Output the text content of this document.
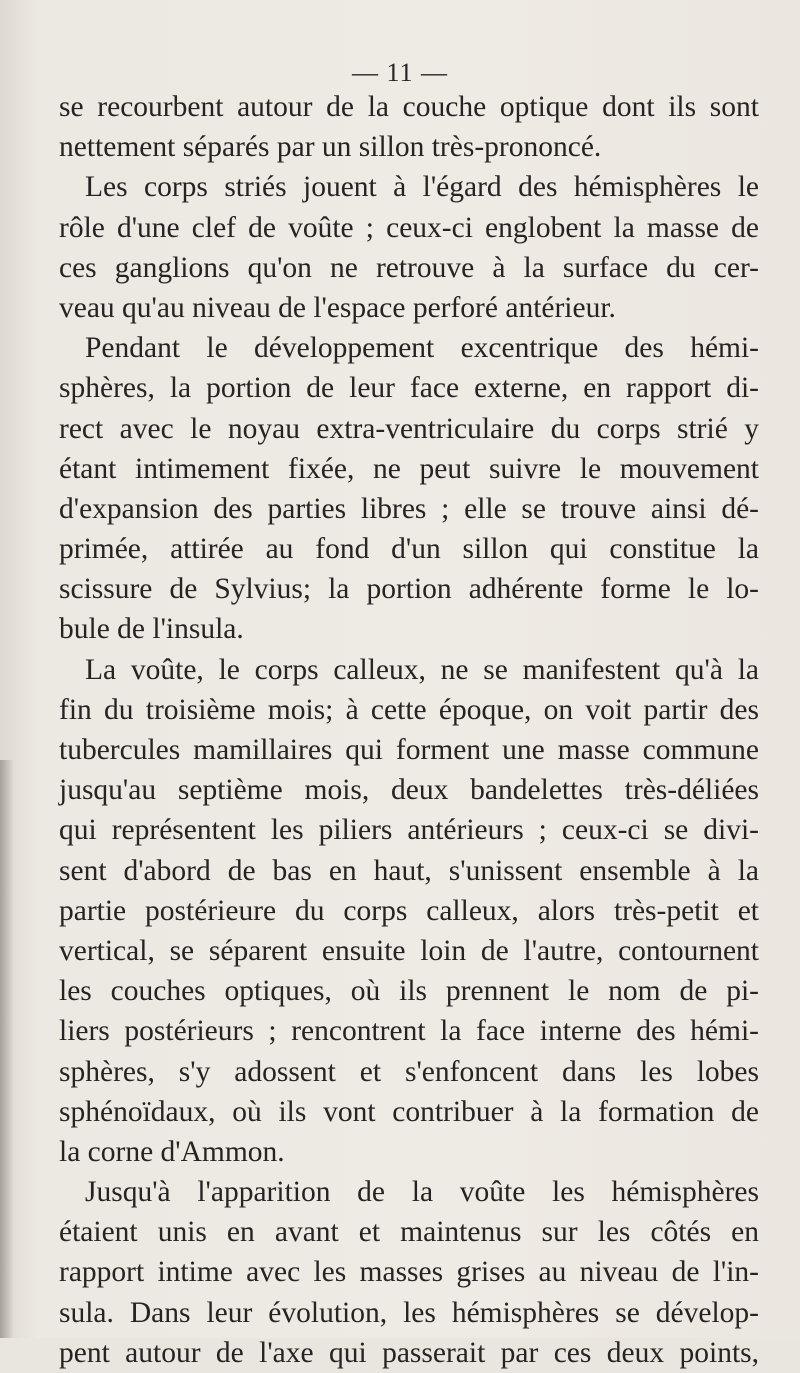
— 11 —
se recourbent autour de la couche optique dont ils sont
nettement séparés par un sillon très-prononcé.
Les corps striés jouent à l'égard des hémisphères le
rôle d'une clef de voûte ; ceux-ci englobent la masse de
ces ganglions qu'on ne retrouve à la surface du cer-
veau qu'au niveau de l'espace perforé antérieur.
Pendant le développement excentrique des hémi-
sphères, la portion de leur face externe, en rapport di-
rect avec le noyau extra-ventriculaire du corps strié y
étant intimement fixée, ne peut suivre le mouvement
d'expansion des parties libres ; elle se trouve ainsi dé-
primée, attirée au fond d'un sillon qui constitue la
scissure de Sylvius; la portion adhérente forme le lo-
bule de l'insula.
La voûte, le corps calleux, ne se manifestent qu'à la
fin du troisième mois; à cette époque, on voit partir des
tubercules mamillaires qui forment une masse commune
jusqu'au septième mois, deux bandelettes très-déliées
qui représentent les piliers antérieurs ; ceux-ci se divi-
sent d'abord de bas en haut, s'unissent ensemble à la
partie postérieure du corps calleux, alors très-petit et
vertical, se séparent ensuite loin de l'autre, contournent
les couches optiques, où ils prennent le nom de pi-
liers postérieurs ; rencontrent la face interne des hémi-
sphères, s'y adossent et s'enfoncent dans les lobes
sphénoïdaux, où ils vont contribuer à la formation de
la corne d'Ammon.
Jusqu'à l'apparition de la voûte les hémisphères
étaient unis en avant et maintenus sur les côtés en
rapport intime avec les masses grises au niveau de l'in-
sula. Dans leur évolution, les hémisphères se dévelop-
pent autour de l'axe qui passerait par ces deux points,
